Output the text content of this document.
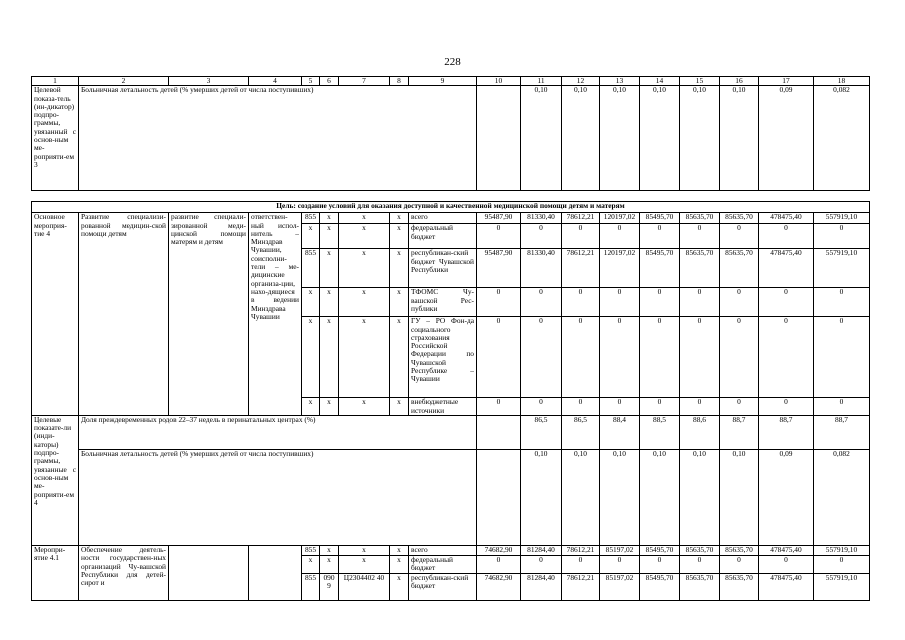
228
1	2	3	4	5	6	7	8	9	10	11	12	13	14	15	16	17	18	
Целевой показа-тель (ин-дикатор) подпро-граммы, увязанный с основ-ным ме-роприяти-ем 3	Больничная летальность детей (% умерших детей от числа поступивших)									0,10	0,10	0,10	0,10	0,10	0,10	0,09	0,082	

Цель: создание условий для оказания доступной и качественной медицинской помощи детям и матерям																		
Основное мероприя-тие 4	Развитие специализи-рованной медицин-ской помощи детям	развитие специали-зированной меди-цинской помощи матерям и детям	ответствен-ный испол-нитель – Минздрав Чувашии, соисполни-тели – ме-дицинские организа-ции, нахо-дящиеся в ведении Минздрава Чувашии	855	х	х	х	всего	95487,90	81330,40	78612,21	120197,02	85495,70	85635,70	85635,70	478475,40	557919,10	
				х	х	х	х	федеральный бюджет	0	0	0	0	0	0	0	0	0	
				855	х	х	х	республикан-ский бюджет Чувашской Республики	95487,90	81330,40	78612,21	120197,02	85495,70	85635,70	85635,70	478475,40	557919,10	
				х	х	х	х	ТФОМС Чу-вашской Рес-публики	0	0	0	0	0	0	0	0	0	
				х	х	х	х	ГУ – РО Фон-да социального страхования Российской Федерации по Чувашской Республике – Чувашии	0	0	0	0	0	0	0	0	0	
				х	х	х	х	внебюджетные источники	0	0	0	0	0	0	0	0	0	
Целевые показате-ли (инди-каторы) подпро-граммы, увязанные с основ-ным ме-роприяти-ем 4	Доля преждевременных родов 22–37 недель в перинатальных центрах (%)									86,5	86,5	88,4	88,5	88,6	88,7	88,7	88,7	
	Больничная летальность детей (% умерших детей от числа поступивших)									0,10	0,10	0,10	0,10	0,10	0,10	0,09	0,082	
Меропри-ятие 4.1	Обеспечение деятель-ности государствен-ных организаций Чу-вашской Республики для детей-сирот и			855	х	х	х	всего	74682,90	81284,40	78612,21	85197,02	85495,70	85635,70	85635,70	478475,40	557919,10	
				х	х	х	х	федеральный бюджет	0	0	0	0	0	0	0	0	0	
				855	0909	Ц2304402 40	х	республикан-ский бюджет	74682,90	81284,40	78612,21	85197,02	85495,70	85635,70	85635,70	478475,40	557919,10	
